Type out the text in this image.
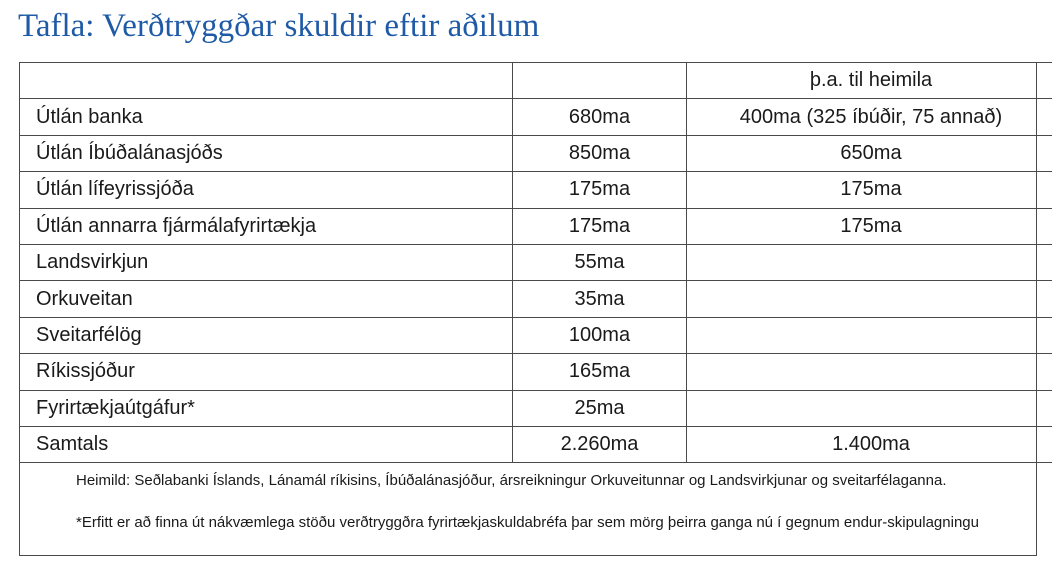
Tafla: Verðtryggðar skuldir eftir aðilum
		þ.a. til heimila
Útlán banka	680ma	400ma (325 íbúðir, 75 annað)
Útlán Íbúðalánasjóðs	850ma	650ma
Útlán lífeyrissjóða	175ma	175ma
Útlán annarra fjármálafyrirtækja	175ma	175ma
Landsvirkjun	55ma	
Orkuveitan	35ma	
Sveitarfélög	100ma	
Ríkissjóður	165ma	
Fyrirtækjaútgáfur*	25ma	
Samtals	2.260ma	1.400ma
Heimild: Seðlabanki Íslands, Lánamál ríkisins, Íbúðalánasjóður, ársreikningur Orkuveitunnar og Landsvirkjunar og sveitarfélaganna.
*Erfitt er að finna út nákvæmlega stöðu verðtryggðra fyrirtækjaskuldabréfa þar sem mörg þeirra ganga nú í gegnum endur-skipulagningu
